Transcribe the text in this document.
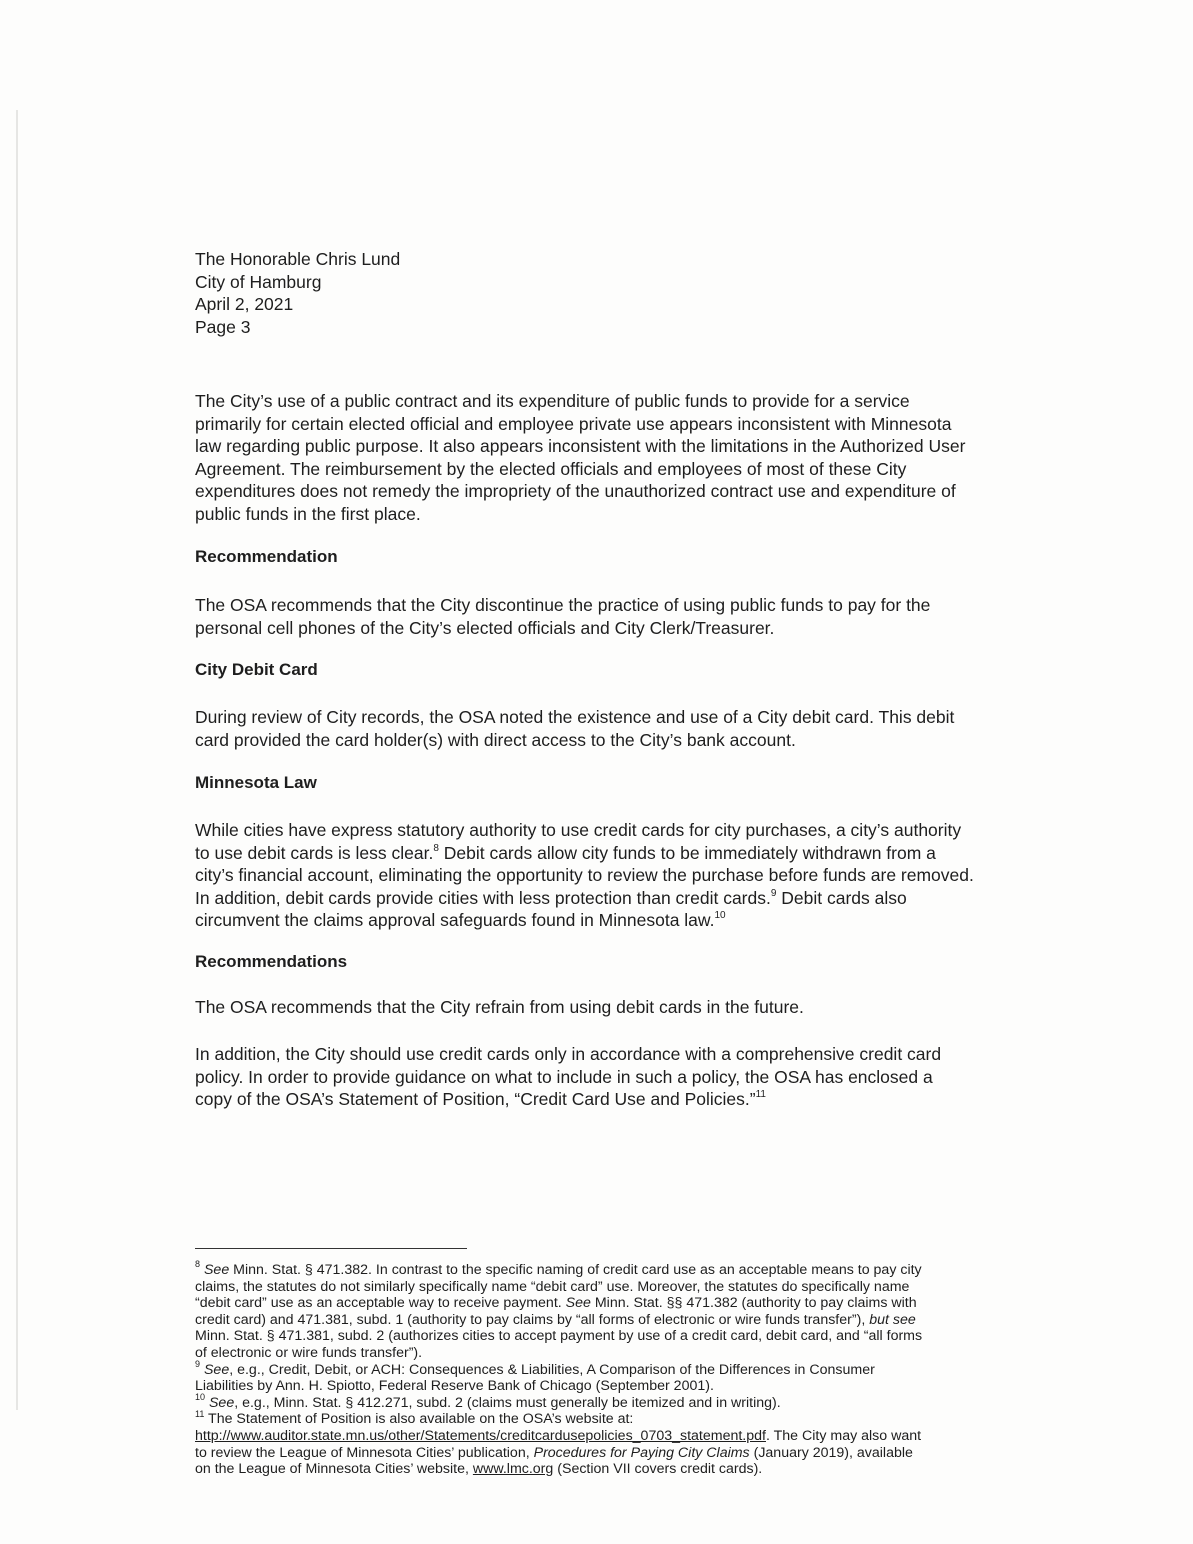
The Honorable Chris Lund
City of Hamburg
April 2, 2021
Page 3
The City’s use of a public contract and its expenditure of public funds to provide for a service
primarily for certain elected official and employee private use appears inconsistent with Minnesota
law regarding public purpose. It also appears inconsistent with the limitations in the Authorized User
Agreement. The reimbursement by the elected officials and employees of most of these City
expenditures does not remedy the impropriety of the unauthorized contract use and expenditure of
public funds in the first place.
Recommendation
The OSA recommends that the City discontinue the practice of using public funds to pay for the
personal cell phones of the City’s elected officials and City Clerk/Treasurer.
City Debit Card
During review of City records, the OSA noted the existence and use of a City debit card. This debit
card provided the card holder(s) with direct access to the City’s bank account.
Minnesota Law
While cities have express statutory authority to use credit cards for city purchases, a city’s authority
to use debit cards is less clear.$^8$ Debit cards allow city funds to be immediately withdrawn from a
city’s financial account, eliminating the opportunity to review the purchase before funds are removed.
In addition, debit cards provide cities with less protection than credit cards.$^9$ Debit cards also
circumvent the claims approval safeguards found in Minnesota law.$^{10}$
Recommendations
The OSA recommends that the City refrain from using debit cards in the future.
In addition, the City should use credit cards only in accordance with a comprehensive credit card
policy. In order to provide guidance on what to include in such a policy, the OSA has enclosed a
copy of the OSA’s Statement of Position, “Credit Card Use and Policies.”$^{11}$
$^8$ See Minn. Stat. § 471.382. In contrast to the specific naming of credit card use as an acceptable means to pay city
claims, the statutes do not similarly specifically name “debit card” use. Moreover, the statutes do specifically name
“debit card” use as an acceptable way to receive payment. See Minn. Stat. §§ 471.382 (authority to pay claims with
credit card) and 471.381, subd. 1 (authority to pay claims by “all forms of electronic or wire funds transfer”), but see
Minn. Stat. § 471.381, subd. 2 (authorizes cities to accept payment by use of a credit card, debit card, and “all forms
of electronic or wire funds transfer”).
$^9$ See, e.g., Credit, Debit, or ACH: Consequences & Liabilities, A Comparison of the Differences in Consumer
Liabilities by Ann. H. Spiotto, Federal Reserve Bank of Chicago (September 2001).
$^{10}$ See, e.g., Minn. Stat. § 412.271, subd. 2 (claims must generally be itemized and in writing).
$^{11}$ The Statement of Position is also available on the OSA’s website at:
http://www.auditor.state.mn.us/other/Statements/creditcardusepolicies_0703_statement.pdf. The City may also want
to review the League of Minnesota Cities’ publication, Procedures for Paying City Claims (January 2019), available
on the League of Minnesota Cities’ website, www.lmc.org (Section VII covers credit cards).
